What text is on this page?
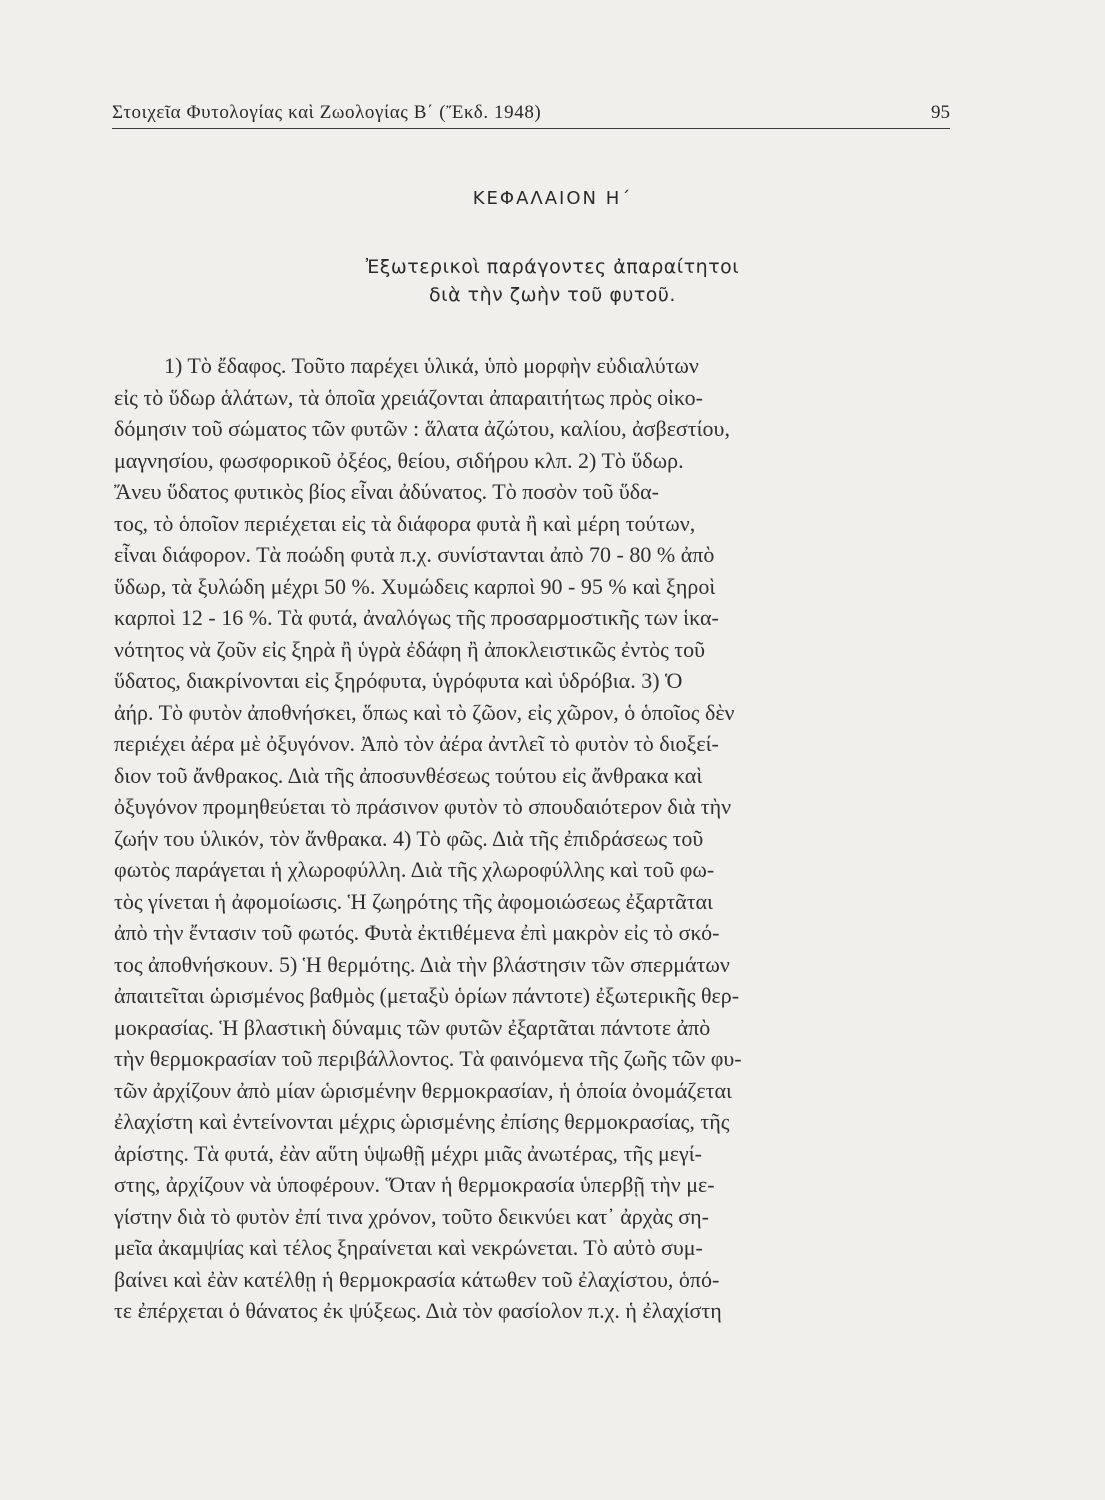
Στοιχεῖα Φυτολογίας καὶ Ζωολογίας Β΄ (Ἔκδ. 1948)	95
ΚΕΦΑΛΑΙΟΝ Η΄
Ἐξωτερικοὶ παράγοντες ἀπαραίτητοι
διὰ τὴν ζωὴν τοῦ φυτοῦ.
1) Τὸ ἔδαφος. Τοῦτο παρέχει ὑλικά, ὑπὸ μορφὴν εὐδιαλύτων
εἰς τὸ ὕδωρ ἁλάτων, τὰ ὁποῖα χρειάζονται ἀπαραιτήτως πρὸς οἰκο-
δόμησιν τοῦ σώματος τῶν φυτῶν : ἅλατα ἀζώτου, καλίου, ἀσβεστίου,
μαγνησίου, φωσφορικοῦ ὀξέος, θείου, σιδήρου κλπ. 2) Τὸ ὕδωρ.
Ἄνευ ὕδατος φυτικὸς βίος εἶναι ἀδύνατος. Τὸ ποσὸν τοῦ ὕδα-
τος, τὸ ὁποῖον περιέχεται εἰς τὰ διάφορα φυτὰ ἢ καὶ μέρη τούτων,
εἶναι διάφορον. Τὰ ποώδη φυτὰ π.χ. συνίστανται ἀπὸ 70 - 80 % ἀπὸ
ὕδωρ, τὰ ξυλώδη μέχρι 50 %. Χυμώδεις καρποὶ 90 - 95 % καὶ ξηροὶ
καρποὶ 12 - 16 %. Τὰ φυτά, ἀναλόγως τῆς προσαρμοστικῆς των ἱκα-
νότητος νὰ ζοῦν εἰς ξηρὰ ἢ ὑγρὰ ἐδάφη ἢ ἀποκλειστικῶς ἐντὸς τοῦ
ὕδατος, διακρίνονται εἰς ξηρόφυτα, ὑγρόφυτα καὶ ὑδρόβια. 3) Ὁ
ἀήρ. Τὸ φυτὸν ἀποθνήσκει, ὅπως καὶ τὸ ζῶον, εἰς χῶρον, ὁ ὁποῖος δὲν
περιέχει ἀέρα μὲ ὀξυγόνον. Ἀπὸ τὸν ἀέρα ἀντλεῖ τὸ φυτὸν τὸ διοξεί-
διον τοῦ ἄνθρακος. Διὰ τῆς ἀποσυνθέσεως τούτου εἰς ἄνθρακα καὶ
ὀξυγόνον προμηθεύεται τὸ πράσινον φυτὸν τὸ σπουδαιότερον διὰ τὴν
ζωήν του ὑλικόν, τὸν ἄνθρακα. 4) Τὸ φῶς. Διὰ τῆς ἐπιδράσεως τοῦ
φωτὸς παράγεται ἡ χλωροφύλλη. Διὰ τῆς χλωροφύλλης καὶ τοῦ φω-
τὸς γίνεται ἡ ἀφομοίωσις. Ἡ ζωηρότης τῆς ἀφομοιώσεως ἐξαρτᾶται
ἀπὸ τὴν ἔντασιν τοῦ φωτός. Φυτὰ ἐκτιθέμενα ἐπὶ μακρὸν εἰς τὸ σκό-
τος ἀποθνήσκουν. 5) Ἡ θερμότης. Διὰ τὴν βλάστησιν τῶν σπερμάτων
ἀπαιτεῖται ὡρισμένος βαθμὸς (μεταξὺ ὁρίων πάντοτε) ἐξωτερικῆς θερ-
μοκρασίας. Ἡ βλαστικὴ δύναμις τῶν φυτῶν ἐξαρτᾶται πάντοτε ἀπὸ
τὴν θερμοκρασίαν τοῦ περιβάλλοντος. Τὰ φαινόμενα τῆς ζωῆς τῶν φυ-
τῶν ἀρχίζουν ἀπὸ μίαν ὡρισμένην θερμοκρασίαν, ἡ ὁποία ὀνομάζεται
ἐλαχίστη καὶ ἐντείνονται μέχρις ὡρισμένης ἐπίσης θερμοκρασίας, τῆς
ἀρίστης. Τὰ φυτά, ἐὰν αὕτη ὑψωθῇ μέχρι μιᾶς ἀνωτέρας, τῆς μεγί-
στης, ἀρχίζουν νὰ ὑποφέρουν. Ὅταν ἡ θερμοκρασία ὑπερβῇ τὴν με-
γίστην διὰ τὸ φυτὸν ἐπί τινα χρόνον, τοῦτο δεικνύει κατ᾽ ἀρχὰς ση-
μεῖα ἀκαμψίας καὶ τέλος ξηραίνεται καὶ νεκρώνεται. Τὸ αὐτὸ συμ-
βαίνει καὶ ἐὰν κατέλθῃ ἡ θερμοκρασία κάτωθεν τοῦ ἐλαχίστου, ὁπό-
τε ἐπέρχεται ὁ θάνατος ἐκ ψύξεως. Διὰ τὸν φασίολον π.χ. ἡ ἐλαχίστη
